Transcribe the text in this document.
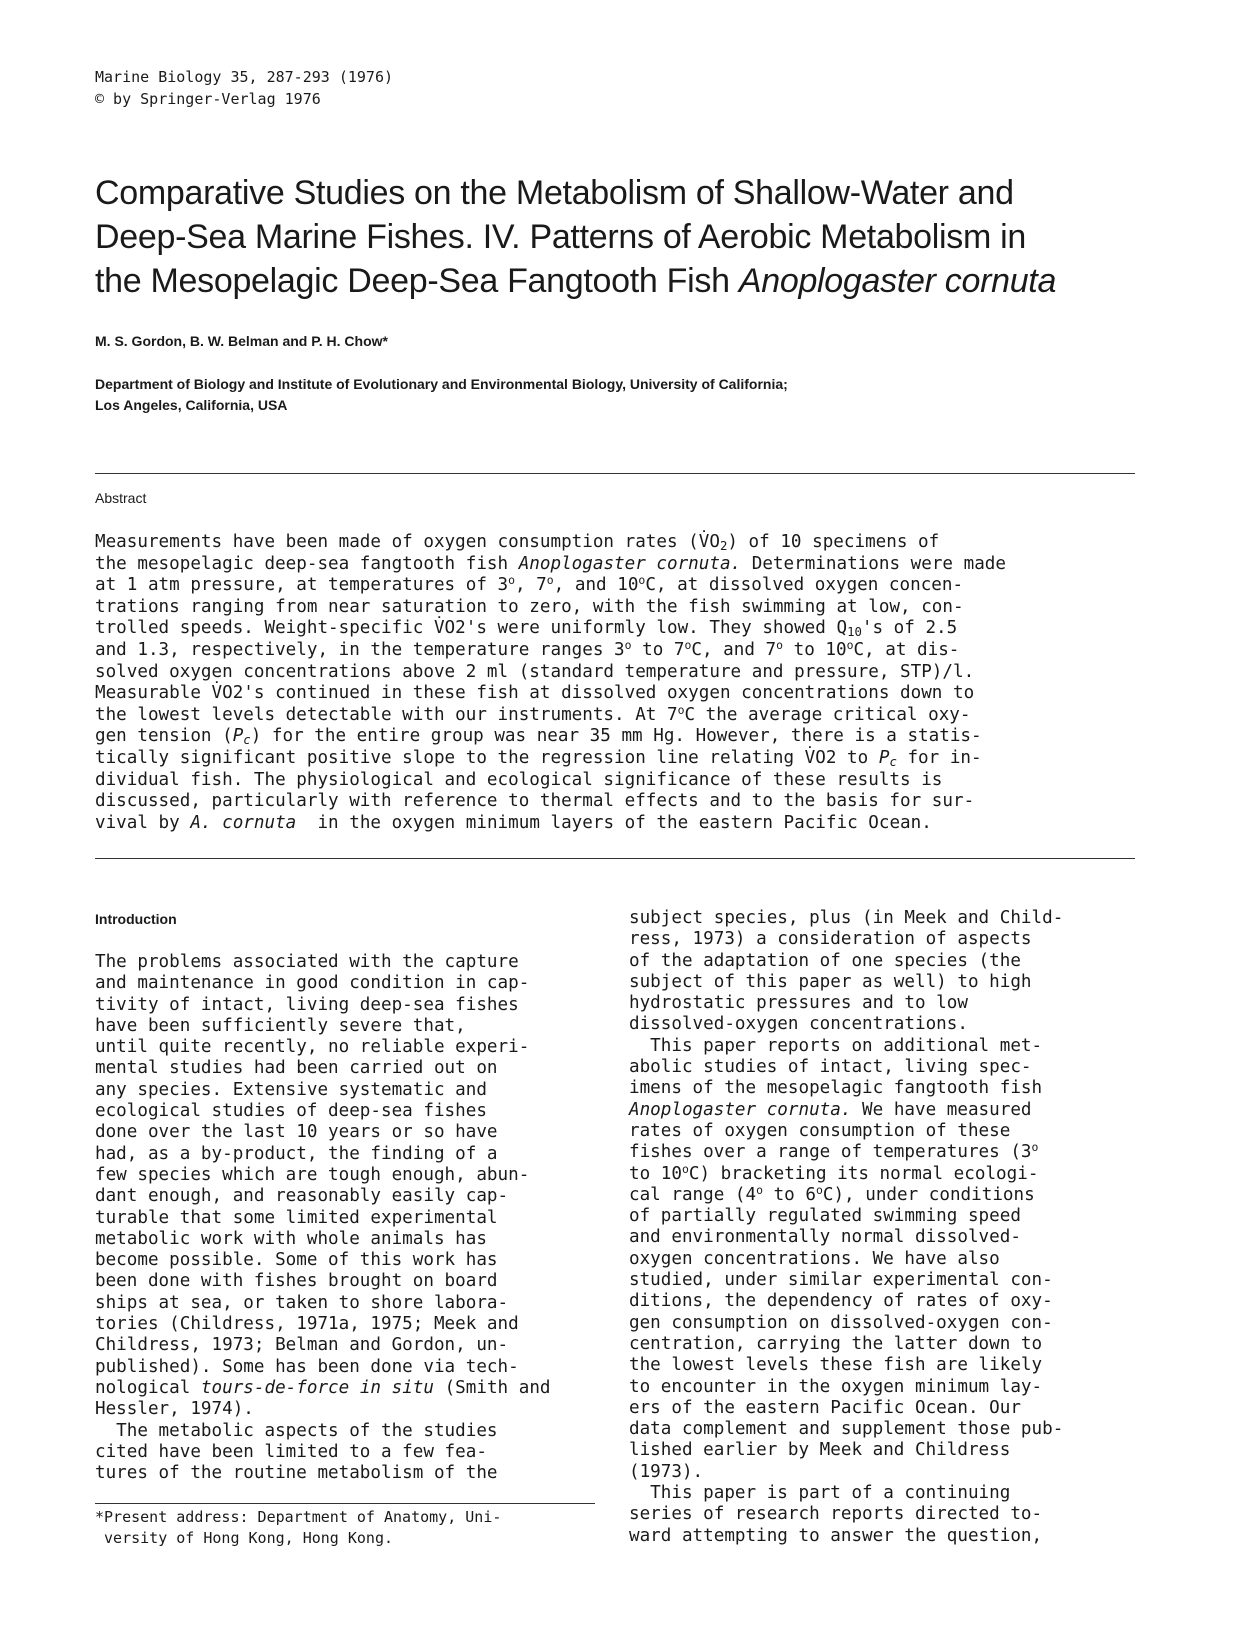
Marine Biology 35, 287-293 (1976)
© by Springer-Verlag 1976
Comparative Studies on the Metabolism of Shallow-Water and
Deep-Sea Marine Fishes. IV. Patterns of Aerobic Metabolism in
the Mesopelagic Deep-Sea Fangtooth Fish Anoplogaster cornuta
M. S. Gordon, B. W. Belman and P. H. Chow*
Department of Biology and Institute of Evolutionary and Environmental Biology, University of California;
Los Angeles, California, USA
Abstract
Measurements have been made of oxygen consumption rates $(V̇O_2)$ of 10 specimens of
the mesopelagic deep-sea fangtooth fish Anoplogaster cornuta. Determinations were made
at 1 atm pressure, at temperatures of 3$^o$, 7$^o$, and 10$^o$C, at dissolved oxygen concen-
trations ranging from near saturation to zero, with the fish swimming at low, con-
trolled speeds. Weight-specific V̇O2's were uniformly low. They showed $Q_{10}'s$ of 2.5
and 1.3, respectively, in the temperature ranges 3$^o$ to 7$^o$C, and 7$^o$ to 10$^o$C, at dis-
solved oxygen concentrations above 2 ml (standard temperature and pressure, STP)/l.
Measurable V̇O2's continued in these fish at dissolved oxygen concentrations down to
the lowest levels detectable with our instruments. At 7$^o$C the average critical oxy-
gen tension $(P_c)$ for the entire group was near 35 mm Hg. However, there is a statis-
tically significant positive slope to the regression line relating V̇O2 to $P_c$ for in-
dividual fish. The physiological and ecological significance of these results is
discussed, particularly with reference to thermal effects and to the basis for sur-
vival by A. cornuta  in the oxygen minimum layers of the eastern Pacific Ocean.
Introduction
The problems associated with the capture
and maintenance in good condition in cap-
tivity of intact, living deep-sea fishes
have been sufficiently severe that,
until quite recently, no reliable experi-
mental studies had been carried out on
any species. Extensive systematic and
ecological studies of deep-sea fishes
done over the last 10 years or so have
had, as a by-product, the finding of a
few species which are tough enough, abun-
dant enough, and reasonably easily cap-
turable that some limited experimental
metabolic work with whole animals has
become possible. Some of this work has
been done with fishes brought on board
ships at sea, or taken to shore labora-
tories (Childress, 1971a, 1975; Meek and
Childress, 1973; Belman and Gordon, un-
published). Some has been done via tech-
nological tours-de-force in situ (Smith and
Hessler, 1974).
The metabolic aspects of the studies
cited have been limited to a few fea-
tures of the routine metabolism of the
subject species, plus (in Meek and Child-
ress, 1973) a consideration of aspects
of the adaptation of one species (the
subject of this paper as well) to high
hydrostatic pressures and to low
dissolved-oxygen concentrations.
This paper reports on additional met-
abolic studies of intact, living spec-
imens of the mesopelagic fangtooth fish
Anoplogaster cornuta. We have measured
rates of oxygen consumption of these
fishes over a range of temperatures (3$^o$
to 10$^o$C) bracketing its normal ecologi-
cal range (4$^o$ to 6$^o$C), under conditions
of partially regulated swimming speed
and environmentally normal dissolved-
oxygen concentrations. We have also
studied, under similar experimental con-
ditions, the dependency of rates of oxy-
gen consumption on dissolved-oxygen con-
centration, carrying the latter down to
the lowest levels these fish are likely
to encounter in the oxygen minimum lay-
ers of the eastern Pacific Ocean. Our
data complement and supplement those pub-
lished earlier by Meek and Childress
(1973).
This paper is part of a continuing
series of research reports directed to-
ward attempting to answer the question,
*Present address: Department of Anatomy, Uni-
versity of Hong Kong, Hong Kong.
